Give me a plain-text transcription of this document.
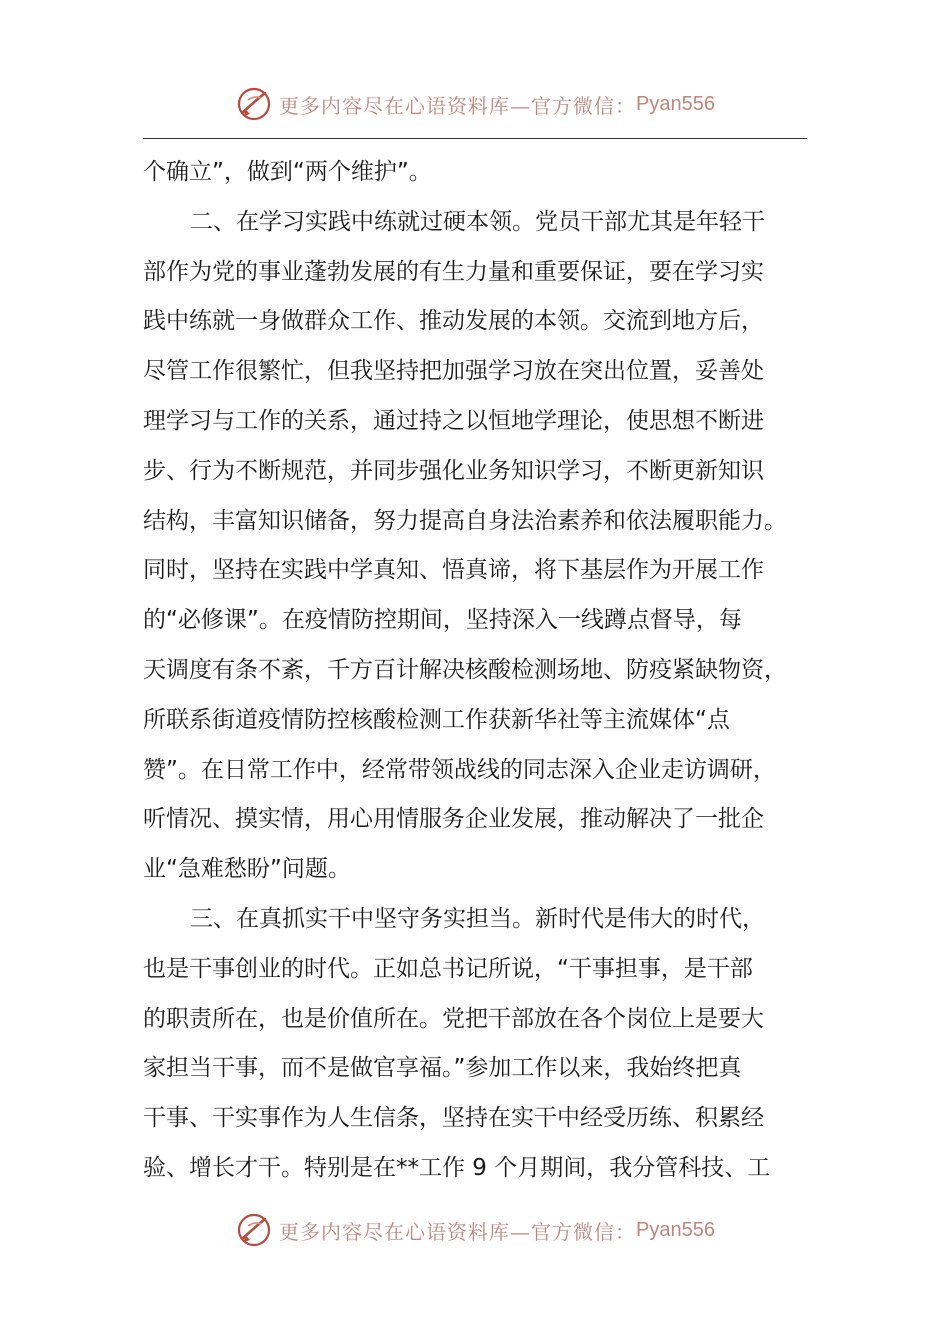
更多内容尽在心语资料库—官方微信： Pyan556
个确立”，做到“两个维护”。
二、在学习实践中练就过硬本领。党员干部尤其是年轻干
部作为党的事业蓬勃发展的有生力量和重要保证，要在学习实
践中练就一身做群众工作、推动发展的本领。交流到地方后，
尽管工作很繁忙，但我坚持把加强学习放在突出位置，妥善处
理学习与工作的关系，通过持之以恒地学理论，使思想不断进
步、行为不断规范，并同步强化业务知识学习，不断更新知识
结构，丰富知识储备，努力提高自身法治素养和依法履职能力。
同时，坚持在实践中学真知、悟真谛，将下基层作为开展工作
的“必修课”。在疫情防控期间，坚持深入一线蹲点督导，每
天调度有条不紊，千方百计解决核酸检测场地、防疫紧缺物资，
所联系街道疫情防控核酸检测工作获新华社等主流媒体“点
赞”。在日常工作中，经常带领战线的同志深入企业走访调研，
听情况、摸实情，用心用情服务企业发展，推动解决了一批企
业“急难愁盼”问题。
三、在真抓实干中坚守务实担当。新时代是伟大的时代，
也是干事创业的时代。正如总书记所说，“干事担事，是干部
的职责所在，也是价值所在。党把干部放在各个岗位上是要大
家担当干事，而不是做官享福。”参加工作以来，我始终把真
干事、干实事作为人生信条，坚持在实干中经受历练、积累经
验、增长才干。特别是在**工作 9 个月期间，我分管科技、工
更多内容尽在心语资料库—官方微信： Pyan556
